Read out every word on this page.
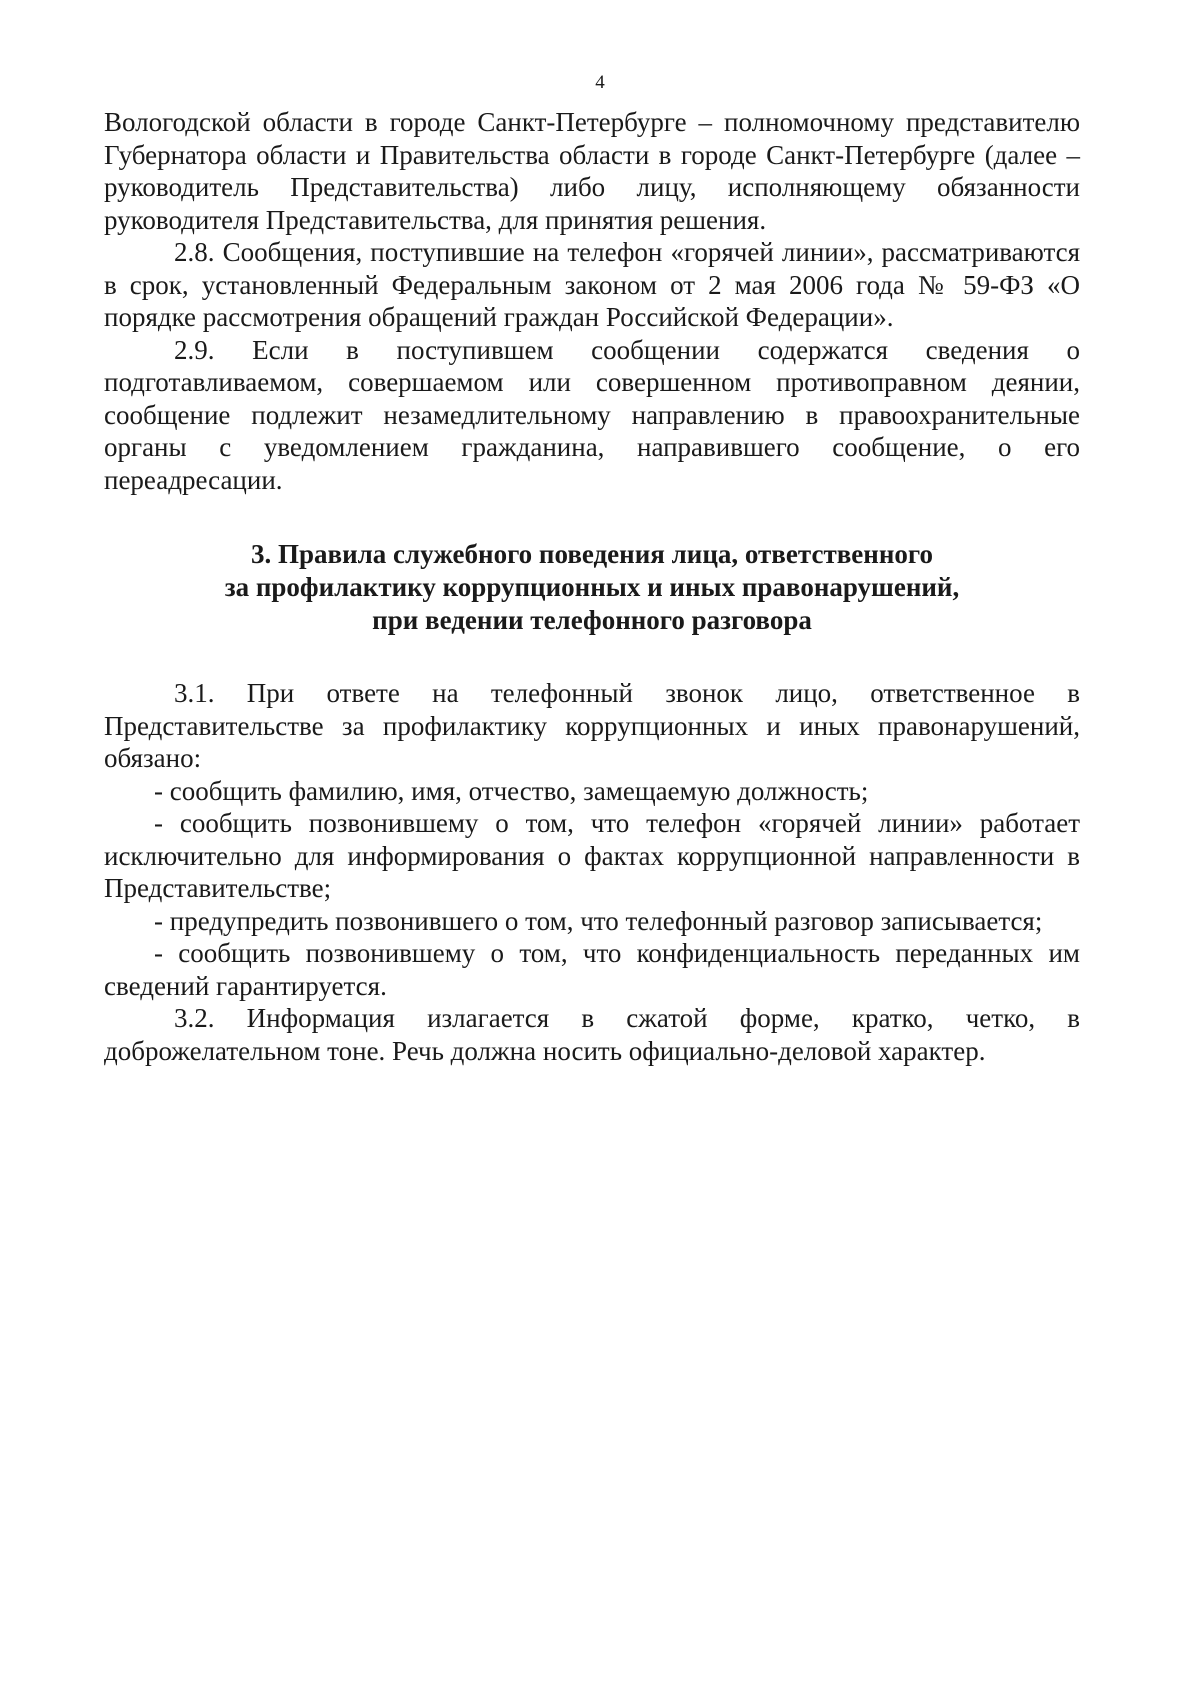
4

Вологодской области в городе Санкт-Петербурге – полномочному представителю Губернатора области и Правительства области в городе Санкт-Петербурге (далее – руководитель Представительства) либо лицу, исполняющему обязанности руководителя Представительства, для принятия решения.

2.8. Сообщения, поступившие на телефон «горячей линии», рассматриваются в срок, установленный Федеральным законом от 2 мая 2006 года № 59-ФЗ «О порядке рассмотрения обращений граждан Российской Федерации».

2.9. Если в поступившем сообщении содержатся сведения о подготавливаемом, совершаемом или совершенном противоправном деянии, сообщение подлежит незамедлительному направлению в правоохранительные органы с уведомлением гражданина, направившего сообщение, о его переадресации.

3. Правила служебного поведения лица, ответственного
за профилактику коррупционных и иных правонарушений,
при ведении телефонного разговора

3.1. При ответе на телефонный звонок лицо, ответственное в Представительстве за профилактику коррупционных и иных правонарушений, обязано:

- сообщить фамилию, имя, отчество, замещаемую должность;

- сообщить позвонившему о том, что телефон «горячей линии» работает исключительно для информирования о фактах коррупционной направленности в Представительстве;

- предупредить позвонившего о том, что телефонный разговор записывается;

- сообщить позвонившему о том, что конфиденциальность переданных им сведений гарантируется.

3.2. Информация излагается в сжатой форме, кратко, четко, в доброжелательном тоне. Речь должна носить официально-деловой характер.
